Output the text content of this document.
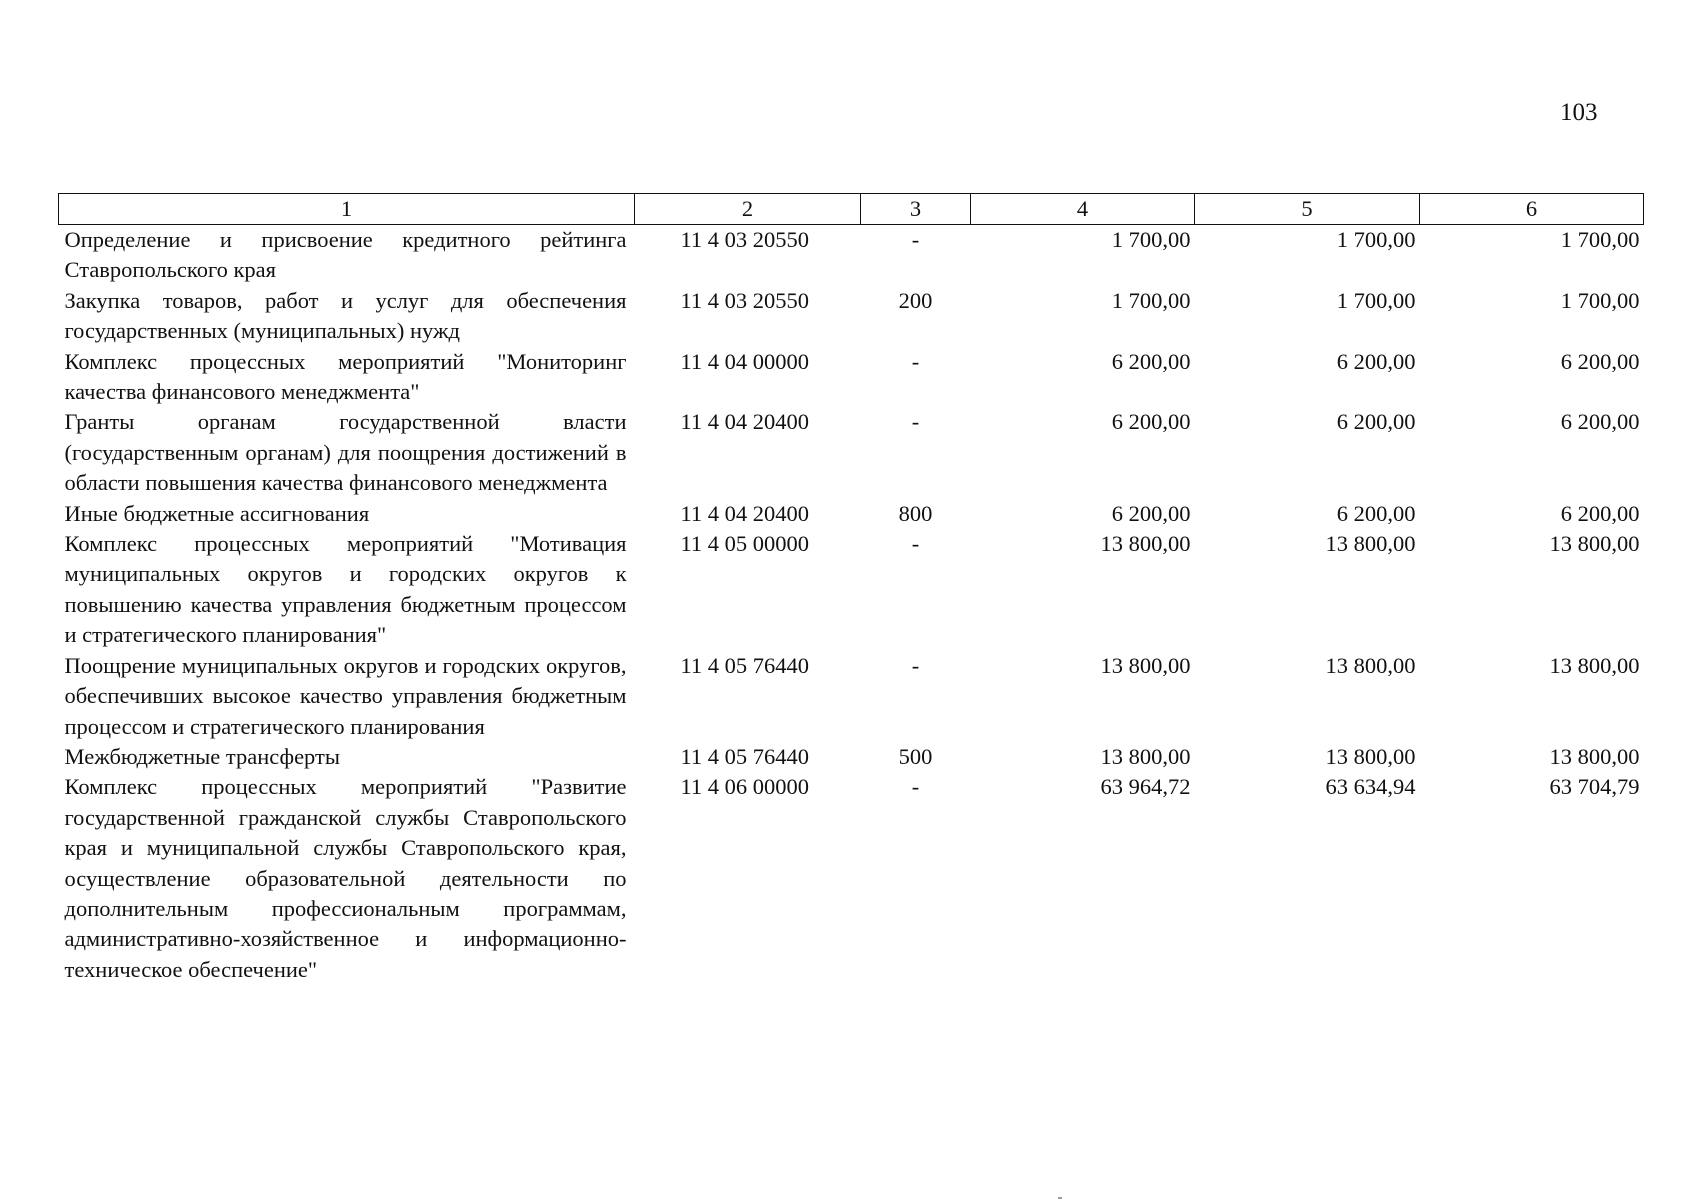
103
1	2	3	4	5	6
Определение и присвоение кредитного рейтинга Ставропольского края	11 4 03 20550	-	1 700,00	1 700,00	1 700,00
Закупка товаров, работ и услуг для обеспечения государственных (муниципальных) нужд	11 4 03 20550	200	1 700,00	1 700,00	1 700,00
Комплекс процессных мероприятий "Мониторинг качества финансового менеджмента"	11 4 04 00000	-	6 200,00	6 200,00	6 200,00
Гранты органам государственной власти (государственным органам) для поощрения достижений в области повышения качества финансового менеджмента	11 4 04 20400	-	6 200,00	6 200,00	6 200,00
Иные бюджетные ассигнования	11 4 04 20400	800	6 200,00	6 200,00	6 200,00
Комплекс процессных мероприятий "Мотивация муниципальных округов и городских округов к повышению качества управления бюджетным процессом и стратегического планирования"	11 4 05 00000	-	13 800,00	13 800,00	13 800,00
Поощрение муниципальных округов и городских округов, обеспечивших высокое качество управления бюджетным процессом и стратегического планирования	11 4 05 76440	-	13 800,00	13 800,00	13 800,00
Межбюджетные трансферты	11 4 05 76440	500	13 800,00	13 800,00	13 800,00
Комплекс процессных мероприятий "Развитие государственной гражданской службы Ставропольского края и муниципальной службы Ставропольского края, осуществление образовательной деятельности по дополнительным профессиональным программам, административно-хозяйственное и информационно-техническое обеспечение"	11 4 06 00000	-	63 964,72	63 634,94	63 704,79
